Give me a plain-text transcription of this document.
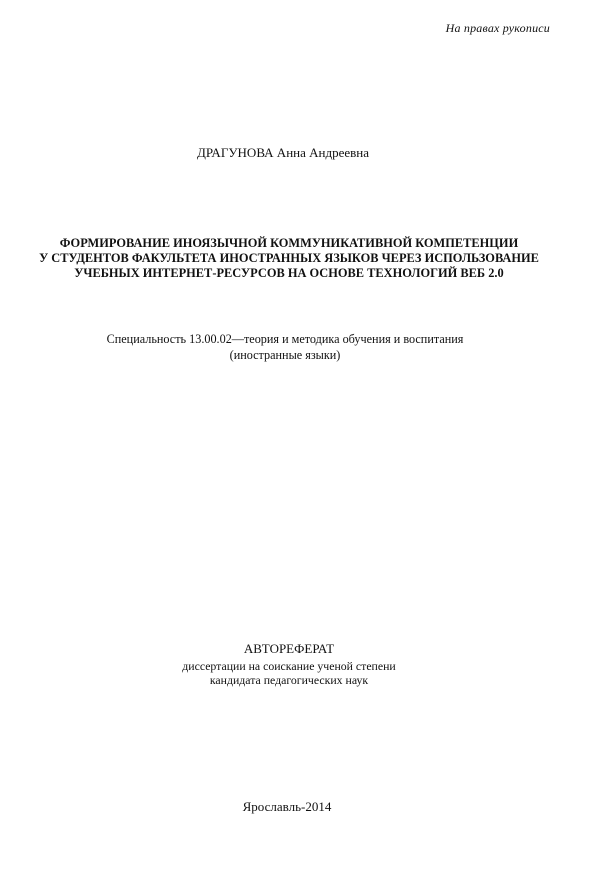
На правах рукописи
ДРАГУНОВА Анна Андреевна
ФОРМИРОВАНИЕ ИНОЯЗЫЧНОЙ КОММУНИКАТИВНОЙ КОМПЕТЕНЦИИ
У СТУДЕНТОВ ФАКУЛЬТЕТА ИНОСТРАННЫХ ЯЗЫКОВ ЧЕРЕЗ ИСПОЛЬЗОВАНИЕ
УЧЕБНЫХ ИНТЕРНЕТ-РЕСУРСОВ НА ОСНОВЕ ТЕХНОЛОГИЙ ВЕБ 2.0
Специальность 13.00.02—теория и методика обучения и воспитания
(иностранные языки)
АВТОРЕФЕРАТ
диссертации на соискание ученой степени
кандидата педагогических наук
Ярославль-2014
